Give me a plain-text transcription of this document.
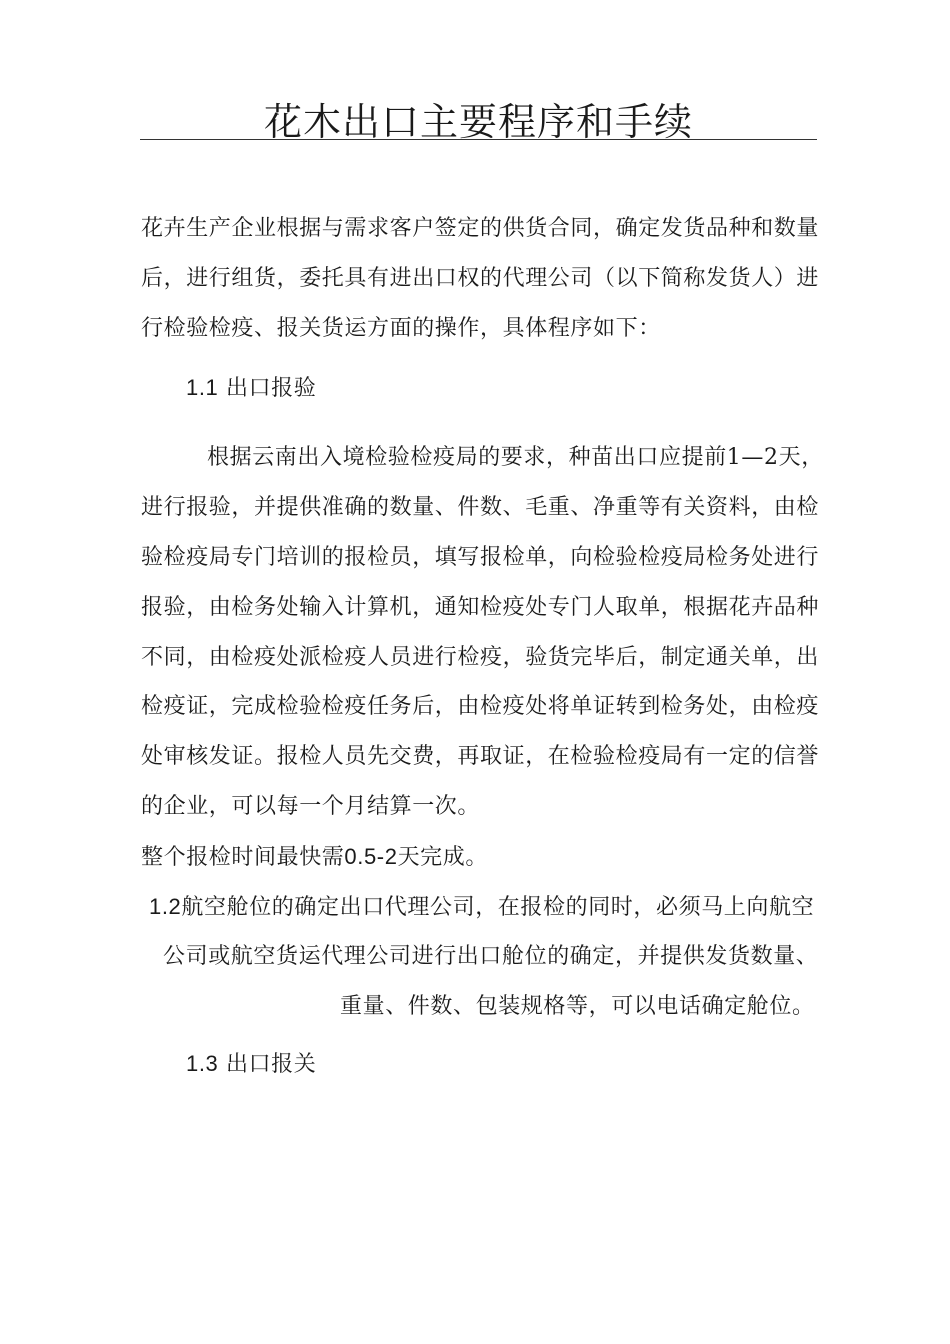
花木出口主要程序和手续
花卉生产企业根据与需求客户签定的供货合同，确定发货品种和数量
后，进行组货，委托具有进出口权的代理公司（以下简称发货人）进
行检验检疫、报关货运方面的操作，具体程序如下：
1.1 出口报验
根据云南出入境检验检疫局的要求，种苗出口应提前1—2天，
进行报验，并提供准确的数量、件数、毛重、净重等有关资料，由检
验检疫局专门培训的报检员，填写报检单，向检验检疫局检务处进行
报验，由检务处输入计算机，通知检疫处专门人取单，根据花卉品种
不同，由检疫处派检疫人员进行检疫，验货完毕后，制定通关单，出
检疫证，完成检验检疫任务后，由检疫处将单证转到检务处，由检疫
处审核发证。报检人员先交费，再取证，在检验检疫局有一定的信誉
的企业，可以每一个月结算一次。
整个报检时间最快需0.5-2天完成。
1.2航空舱位的确定出口代理公司，在报检的同时，必须马上向航空
公司或航空货运代理公司进行出口舱位的确定，并提供发货数量、
重量、件数、包装规格等，可以电话确定舱位。
1.3 出口报关
